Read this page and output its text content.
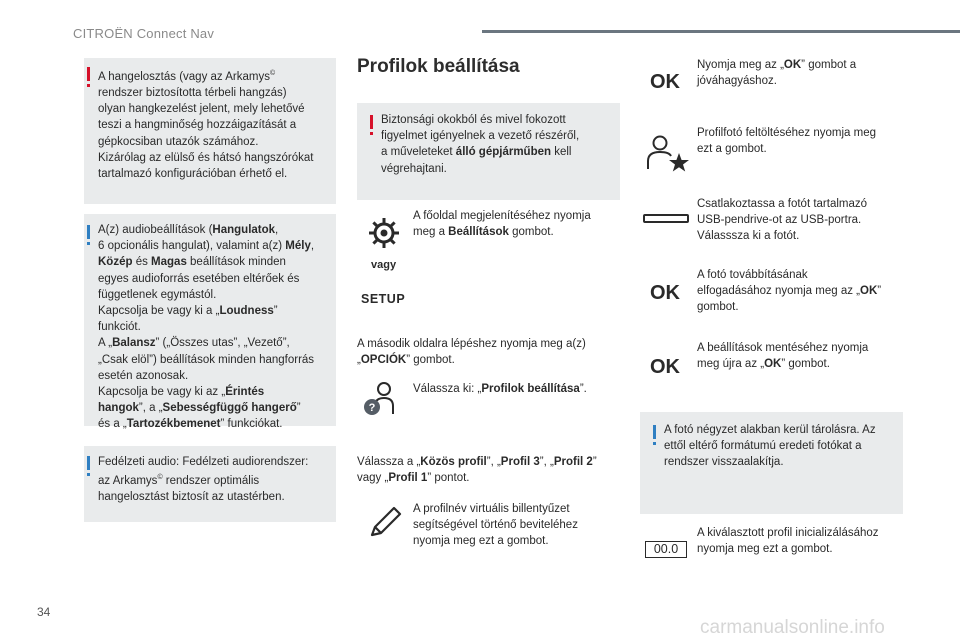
CITROËN Connect Nav

A hangelosztás (vagy az Arkamys©

rendszer biztosította térbeli hangzás)

olyan hangkezelést jelent, mely lehetővé

teszi a hangminőség hozzáigazítását a

gépkocsiban utazók számához.

Kizárólag az elülső és hátsó hangszórókat

tartalmazó konfigurációban érhető el.

A(z) audiobeállítások (Hangulatok,

6 opcionális hangulat), valamint a(z) Mély,

Közép és Magas beállítások minden

egyes audioforrás esetében eltérőek és

függetlenek egymástól.

Kapcsolja be vagy ki a „Loudness”

funkciót.

A „Balansz” („Összes utas”, „Vezető”,

„Csak elöl”) beállítások minden hangforrás

esetén azonosak.

Kapcsolja be vagy ki az „Érintés

hangok”, a „Sebességfüggő hangerő”

és a „Tartozékbemenet” funkciókat.

Fedélzeti audio: Fedélzeti audiorendszer:

az Arkamys© rendszer optimális

hangelosztást biztosít az utastérben.

Profilok beállítása

Biztonsági okokból és mivel fokozott

figyelmet igényelnek a vezető részéről,

a műveleteket álló gépjárműben kell

végrehajtani.

A főoldal megjelenítéséhez nyomja
meg a Beállítások gombot.
vagy
SETUP
A második oldalra lépéshez nyomja meg a(z)
„OPCIÓK” gombot.
?
Válassza ki: „Profilok beállítása”.
Válassza a „Közös profil”, „Profil 3”, „Profil 2”
vagy „Profil 1” pontot.
A profilnév virtuális billentyűzet
segítségével történő beviteléhez
nyomja meg ezt a gombot.
OK
Nyomja meg az „OK” gombot a
jóváhagyáshoz.
Profilfotó feltöltéséhez nyomja meg
ezt a gombot.
Csatlakoztassa a fotót tartalmazó
USB-pendrive-ot az USB-portra.
Válasssza ki a fotót.
OK
A fotó továbbításának
elfogadásához nyomja meg az „OK”
gombot.
OK
A beállítások mentéséhez nyomja
meg újra az „OK” gombot.

A fotó négyzet alakban kerül tárolásra. Az

ettől eltérő formátumú eredeti fotókat a

rendszer visszaalakítja.

00.0
A kiválasztott profil inicializálásához
nyomja meg ezt a gombot.
34
carmanualsonline.info
